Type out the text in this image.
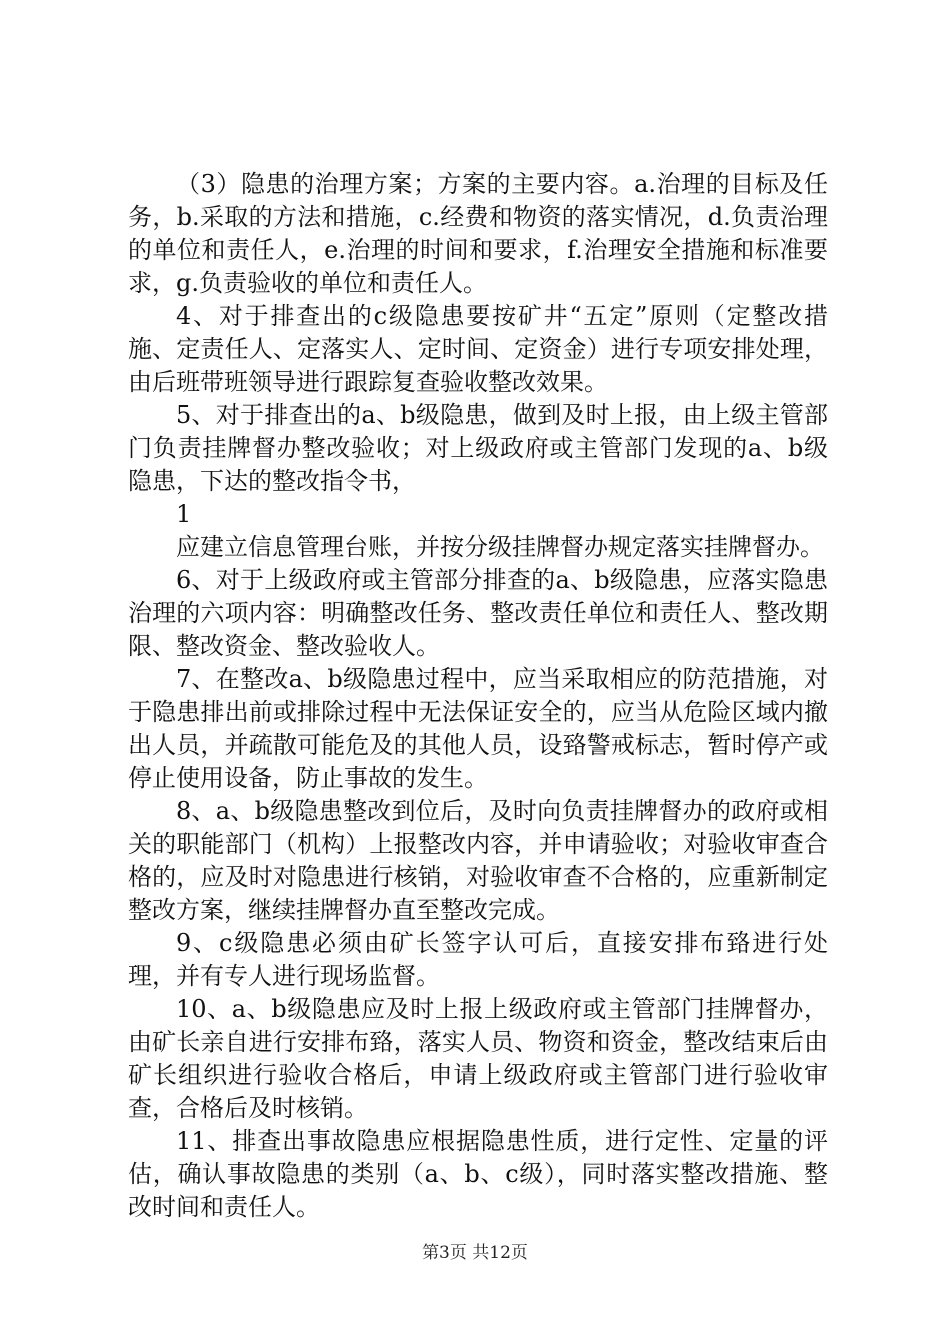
（3）隐患的治理方案；方案的主要内容。a.治理的目标及任务，b.采取的方法和措施，c.经费和物资的落实情况，d.负责治理的单位和责任人，e.治理的时间和要求，f.治理安全措施和标准要求，g.负责验收的单位和责任人。

4、对于排查出的c级隐患要按矿井“五定”原则（定整改措施、定责任人、定落实人、定时间、定资金）进行专项安排处理，由后班带班领导进行跟踪复查验收整改效果。

5、对于排查出的a、b级隐患，做到及时上报，由上级主管部门负责挂牌督办整改验收；对上级政府或主管部门发现的a、b级隐患，下达的整改指令书，

1

应建立信息管理台账，并按分级挂牌督办规定落实挂牌督办。

6、对于上级政府或主管部分排查的a、b级隐患，应落实隐患治理的六项内容：明确整改任务、整改责任单位和责任人、整改期限、整改资金、整改验收人。

7、在整改a、b级隐患过程中，应当采取相应的防范措施，对于隐患排出前或排除过程中无法保证安全的，应当从危险区域内撤出人员，并疏散可能危及的其他人员，设臵警戒标志，暂时停产或停止使用设备，防止事故的发生。

8、a、b级隐患整改到位后，及时向负责挂牌督办的政府或相关的职能部门（机构）上报整改内容，并申请验收；对验收审查合格的，应及时对隐患进行核销，对验收审查不合格的，应重新制定整改方案，继续挂牌督办直至整改完成。

9、c级隐患必须由矿长签字认可后，直接安排布臵进行处理，并有专人进行现场监督。

10、a、b级隐患应及时上报上级政府或主管部门挂牌督办，由矿长亲自进行安排布臵，落实人员、物资和资金，整改结束后由矿长组织进行验收合格后，申请上级政府或主管部门进行验收审查，合格后及时核销。

11、排查出事故隐患应根据隐患性质，进行定性、定量的评估，确认事故隐患的类别（a、b、c级），同时落实整改措施、整改时间和责任人。

第3页 共12页
